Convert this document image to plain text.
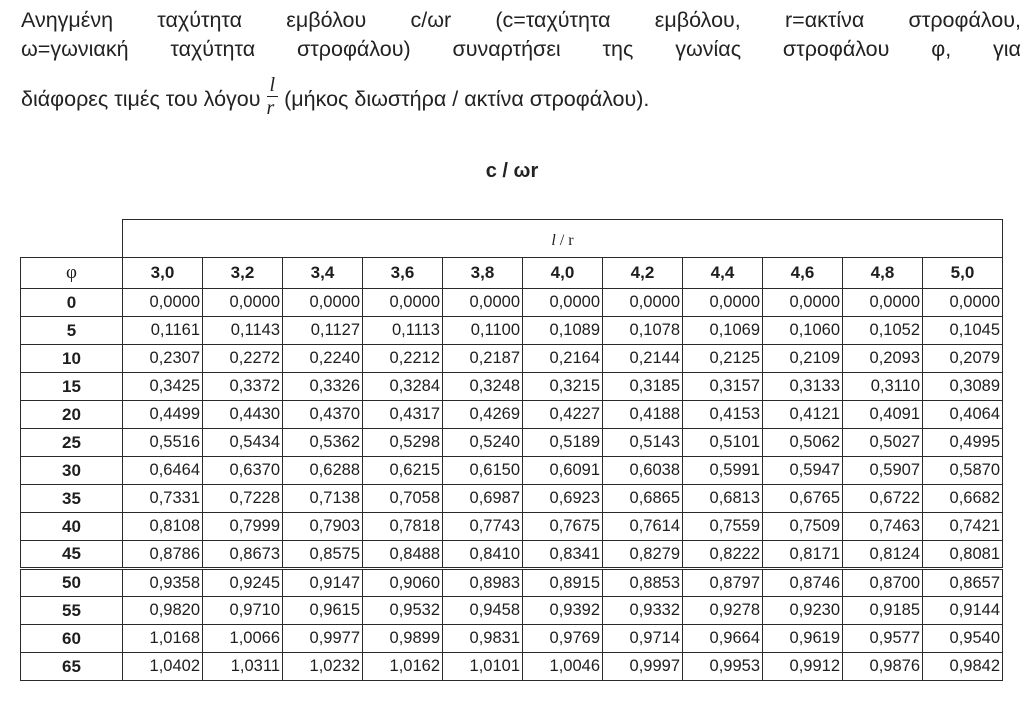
Ανηγμένη ταχύτητα εμβόλου c/ωr (c=ταχύτητα εμβόλου, r=ακτίνα στροφάλου,
ω=γωνιακή ταχύτητα στροφάλου) συναρτήσει της γωνίας στροφάλου φ, για
διάφορες τιμές του λόγου $\frac{l}{r} (\mu ή\kappa o\varsigma$ διωστήρα / ακτίνα στροφάλου).
c / ωr
	l / r										
φ	3,0	3,2	3,4	3,6	3,8	4,0	4,2	4,4	4,6	4,8	5,0
0	0,0000	0,0000	0,0000	0,0000	0,0000	0,0000	0,0000	0,0000	0,0000	0,0000	0,0000
5	0,1161	0,1143	0,1127	0,1113	0,1100	0,1089	0,1078	0,1069	0,1060	0,1052	0,1045
10	0,2307	0,2272	0,2240	0,2212	0,2187	0,2164	0,2144	0,2125	0,2109	0,2093	0,2079
15	0,3425	0,3372	0,3326	0,3284	0,3248	0,3215	0,3185	0,3157	0,3133	0,3110	0,3089
20	0,4499	0,4430	0,4370	0,4317	0,4269	0,4227	0,4188	0,4153	0,4121	0,4091	0,4064
25	0,5516	0,5434	0,5362	0,5298	0,5240	0,5189	0,5143	0,5101	0,5062	0,5027	0,4995
30	0,6464	0,6370	0,6288	0,6215	0,6150	0,6091	0,6038	0,5991	0,5947	0,5907	0,5870
35	0,7331	0,7228	0,7138	0,7058	0,6987	0,6923	0,6865	0,6813	0,6765	0,6722	0,6682
40	0,8108	0,7999	0,7903	0,7818	0,7743	0,7675	0,7614	0,7559	0,7509	0,7463	0,7421
45	0,8786	0,8673	0,8575	0,8488	0,8410	0,8341	0,8279	0,8222	0,8171	0,8124	0,8081
50	0,9358	0,9245	0,9147	0,9060	0,8983	0,8915	0,8853	0,8797	0,8746	0,8700	0,8657
55	0,9820	0,9710	0,9615	0,9532	0,9458	0,9392	0,9332	0,9278	0,9230	0,9185	0,9144
60	1,0168	1,0066	0,9977	0,9899	0,9831	0,9769	0,9714	0,9664	0,9619	0,9577	0,9540
65	1,0402	1,0311	1,0232	1,0162	1,0101	1,0046	0,9997	0,9953	0,9912	0,9876	0,9842
